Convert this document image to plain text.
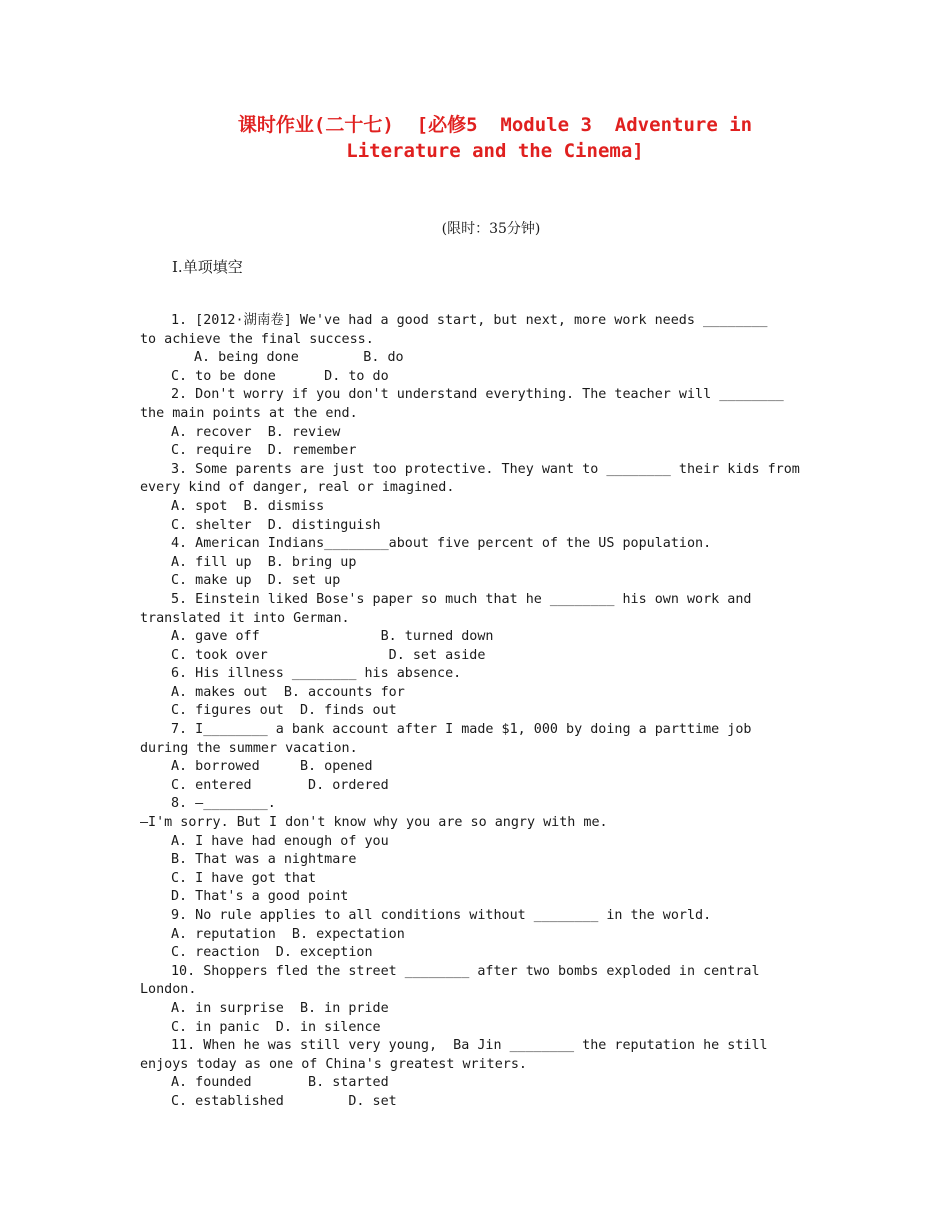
课时作业(二十七)  [必修5  Module 3  Adventure in
Literature and the Cinema]
(限时：35分钟)
Ⅰ.单项填空
1. [2012·湖南卷] We've had a good start, but next, more work needs ________
to achieve the final success.
A. being done        B. do
C. to be done      D. to do
2. Don't worry if you don't understand everything. The teacher will ________
the main points at the end.
A. recover  B. review
C. require  D. remember
3. Some parents are just too protective. They want to ________ their kids from
every kind of danger, real or imagined.
A. spot  B. dismiss
C. shelter  D. distinguish
4. American Indians________about five percent of the US population.
A. fill up  B. bring up
C. make up  D. set up
5. Einstein liked Bose's paper so much that he ________ his own work and
translated it into German.
A. gave off               B. turned down
C. took over               D. set aside
6. His illness ________ his absence.
A. makes out  B. accounts for
C. figures out  D. finds out
7. I________ a bank account after I made $1, 000 by doing a parttime job
during the summer vacation.
A. borrowed     B. opened
C. entered       D. ordered
8. —________.
—I'm sorry. But I don't know why you are so angry with me.
A. I have had enough of you
B. That was a nightmare
C. I have got that
D. That's a good point
9. No rule applies to all conditions without ________ in the world.
A. reputation  B. expectation
C. reaction  D. exception
10. Shoppers fled the street ________ after two bombs exploded in central
London.
A. in surprise  B. in pride
C. in panic  D. in silence
11. When he was still very young,  Ba Jin ________ the reputation he still
enjoys today as one of China's greatest writers.
A. founded       B. started
C. established        D. set
